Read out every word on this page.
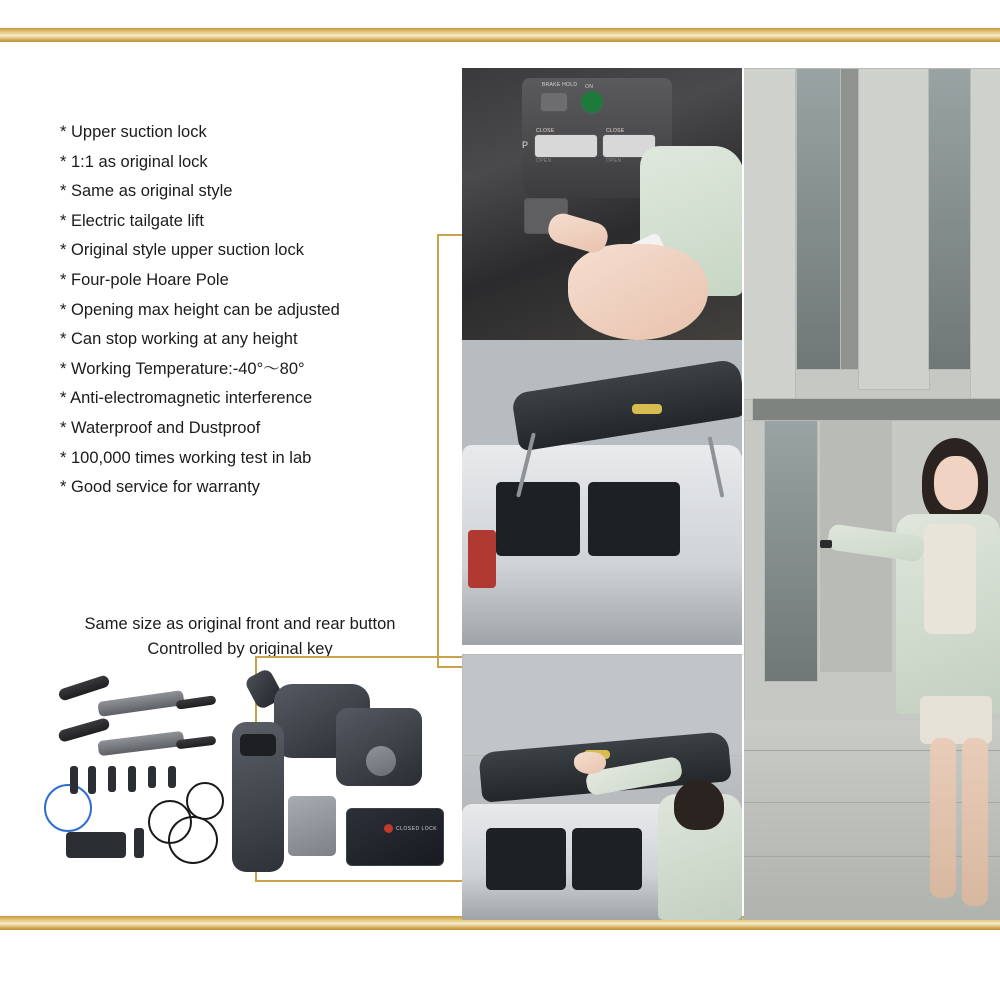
* Upper suction lock
* 1:1 as original lock
* Same as original style
* Electric tailgate lift
* Original style upper suction lock
* Four-pole Hoare Pole
* Opening max height can be adjusted
* Can stop working at any height
* Working Temperature:-40°～80°
* Anti-electromagnetic interference
* Waterproof and Dustproof
* 100,000 times working test in lab
* Good service for warranty
Same size as original front and rear button
Controlled by original key
BRAKE HOLD ON
CLOSE
OPEN
CLOSE
OPEN
P
CLOSED LOCK
